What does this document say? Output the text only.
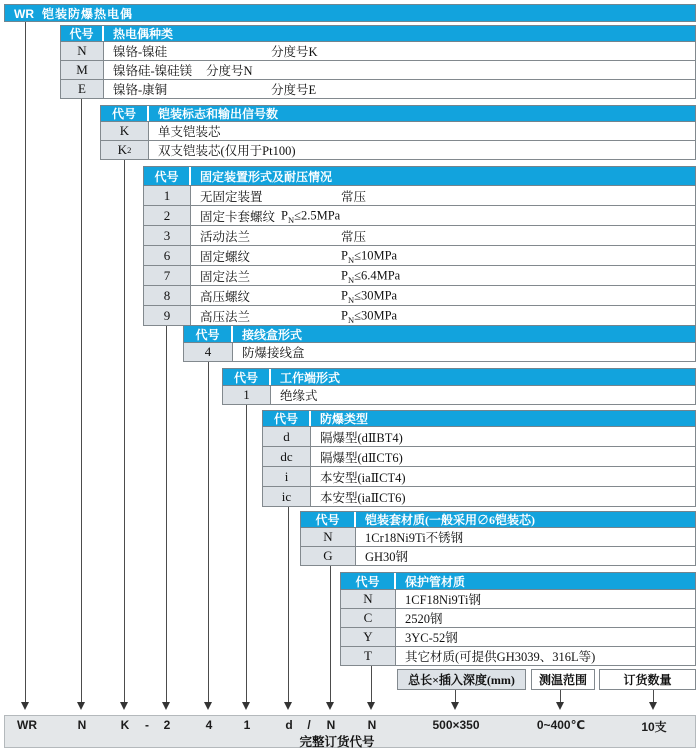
WR 铠装防爆热电偶
代号	热电偶种类
N	镍铬-镍硅	分度号K
M	镍铬硅-镍硅镁 分度号N
E	镍铬-康铜	分度号E
代号	铠装标志和输出信号数
K	单支铠装芯
K 2 双支铠装芯(仅用于Pt100)
代号	固定装置形式及耐压情况
1	无固定装置	常压
2	固定卡套螺纹 $P_N\le 2.5MPa$
3	活动法兰	常压
6	固定螺纹	$P_N\le 10MPa$
7	固定法兰	$P_N\le 6.4MPa$
8	高压螺纹	$P_N\le 30MPa$
9	高压法兰	$P_N\le 30MPa$
代号	接线盒形式
4	防爆接线盒
代号	工作端形式
1	绝缘式
代号	防爆类型
d	隔爆型(dⅡBT4)
dc	隔爆型(dⅡCT6)
i	本安型(iaⅡCT4)
ic	本安型(iaⅡCT6)
代号	铠装套材质(一般采用∅6铠装芯)
N	1Cr18Ni9Ti不锈钢
G	GH30钢
代号	保护管材质
N	1CF18Ni9Ti钢
C	2520钢
Y	3YC-52钢
T	其它材质(可提供GH3039、316L等)
总长×插入深度(mm) 测温范围	订货数量
WR	N	K - 2	4	1	d / N	N	500×350	0~400℃	10支
完整订货代号
